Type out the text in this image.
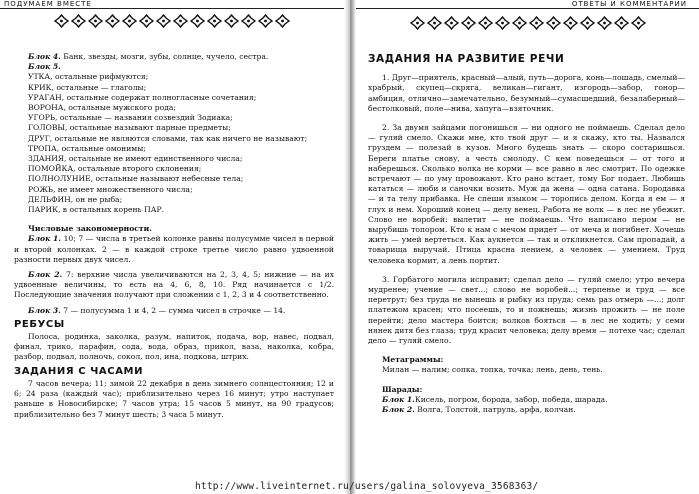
ПОДУМАЕМ ВМЕСТЕ

Блок 4. Банк, звезды, мозги, зубы, солнце, чучело, сестра.

Блок 5.

УТКА, остальные рифмуются;

КРИК, остальные — глаголы;

УРАГАН, остальные содержат полногласные сочетания;

ВОРОНА, остальные мужского рода;

УГОРЬ, остальные — названия созвездий Зодиака;

ГОЛОВЫ, остальные называют парные предметы;

ДРУГ, остальные не являются словами, так как ничего не называют;

ТРОПА, остальные омонимы;

ЗДАНИЯ, остальные не имеют единственного числа;

ПОМОЙКА, остальные второго склонения;

ПОЛНОЛУНИЕ, остальные называют небесные тела;

РОЖЬ, не имеет множественного числа;

ДЕЛЬФИН, он не рыба;

ПАРИК, в остальных корень ПАР.

Числовые закономерности.

Блок 1. 10; 7 — числа в третьей колонке равны полусумме чисел в первой и второй колонках. 2 — в каждой строке третье число равно удвоенной разности первых двух чисел.

Блок 2. 7: верхние числа увеличиваются на 2, 3, 4, 5; нижние — на их удвоенные величины, то есть на 4, 6, 8, 10. Ряд начинается с 1/2. Последующие значения получают при сложении с 1, 2, 3 и 4 соответственно.

Блок 3. 7 — полусумма 1 и 4, 2 — сумма чисел в строчке — 14.

РЕБУСЫ

Полоса, родинка, заколка, разум, напиток, подача, вор, навес, подвал, финал, трико, парафин, сода, вода, образ, прикол, ваза, наколка, кобра, разбор, подвал, полночь, сокол, пол, ина, подкова, штрих.

ЗАДАНИЯ С ЧАСАМИ

7 часов вечера; 11; зимой 22 декабря в день зимнего солнцестояния; 12 и 6; 24 раза (каждый час); приблизительно через 16 минут; утро наступает раньше в Новосибирске; 7 часов утра; 15 часов 5 минут, на 90 градусов; приблизительно без 7 минут шесть; 3 часа 5 минут.

ОТВЕТЫ И КОММЕНТАРИИ
ЗАДАНИЯ НА РАЗВИТИЕ РЕЧИ

1. Друг—приятель, красный—алый, путь—дорога, конь—лошадь, смелый—храбрый, скупец—скряга, великан—гигант, изгородь—забор, гонор—амбиция, отлично—замечательно, безумный—сумасшедший, безалаберный—бестолковый, поле—нива, хапуга—взяточник.

2. За двумя зайцами погонишься — ни одного не поймаешь. Сделал дело — гуляй смело. Скажи мне, кто твой друг — и я скажу, кто ты. Назвался груздем — полезай в кузов. Много будешь знать — скоро состаришься. Береги платье снову, а честь смолоду. С кем поведешься — от того и наберешься. Сколько волка не корми — все равно в лес смотрит. По одежке встречают — по уму провожают. Кто рано встает, тому Бог подает. Любишь кататься — люби и саночки возить. Муж да жена — одна сатана. Бородавка — и та телу прибавка. Не спеши языком — торопись делом. Когда я ем — я глух и нем. Хороший конец — делу венец. Работа не волк — в лес не убежит. Слово не воробей: вылетит — не поймаешь. Что написано пером — не вырубишь топором. Кто к нам с мечом придет — от меча и погибнет. Хочешь жить — умей вертеться. Как аукнется — так и откликнется. Сам пропадай, а товарища выручай. Птица красна пением, а человек — умением. Труд человека кормит, а лень портит.

3. Горбатого могила исправит; сделал дело — гуляй смело; утро вечера мудренее; учение — свет...; слово не воробей...; терпенье и труд — все перетрут; без труда не вынешь и рыбку из пруда; семь раз отмерь —...; долг платежом красен; что посеешь, то и пожнешь; жизнь прожить — не поле перейти; дело мастера боится; волков бояться — в лес не ходить; у семи нянек дитя без глаза; труд красит человека; делу время — потехе час; сделал дело — гуляй смело.

Метаграммы:

Милан — налим; сопка, топка, точка; лень, день, тень.

Шарады:

Блок 1.Кисель, погром, борода, забор, победа, шарада.

Блок 2. Волга, Толстой, патруль, арфа, колчан.

http://www.liveinternet.ru/users/galina_solovyeva_3568363/
